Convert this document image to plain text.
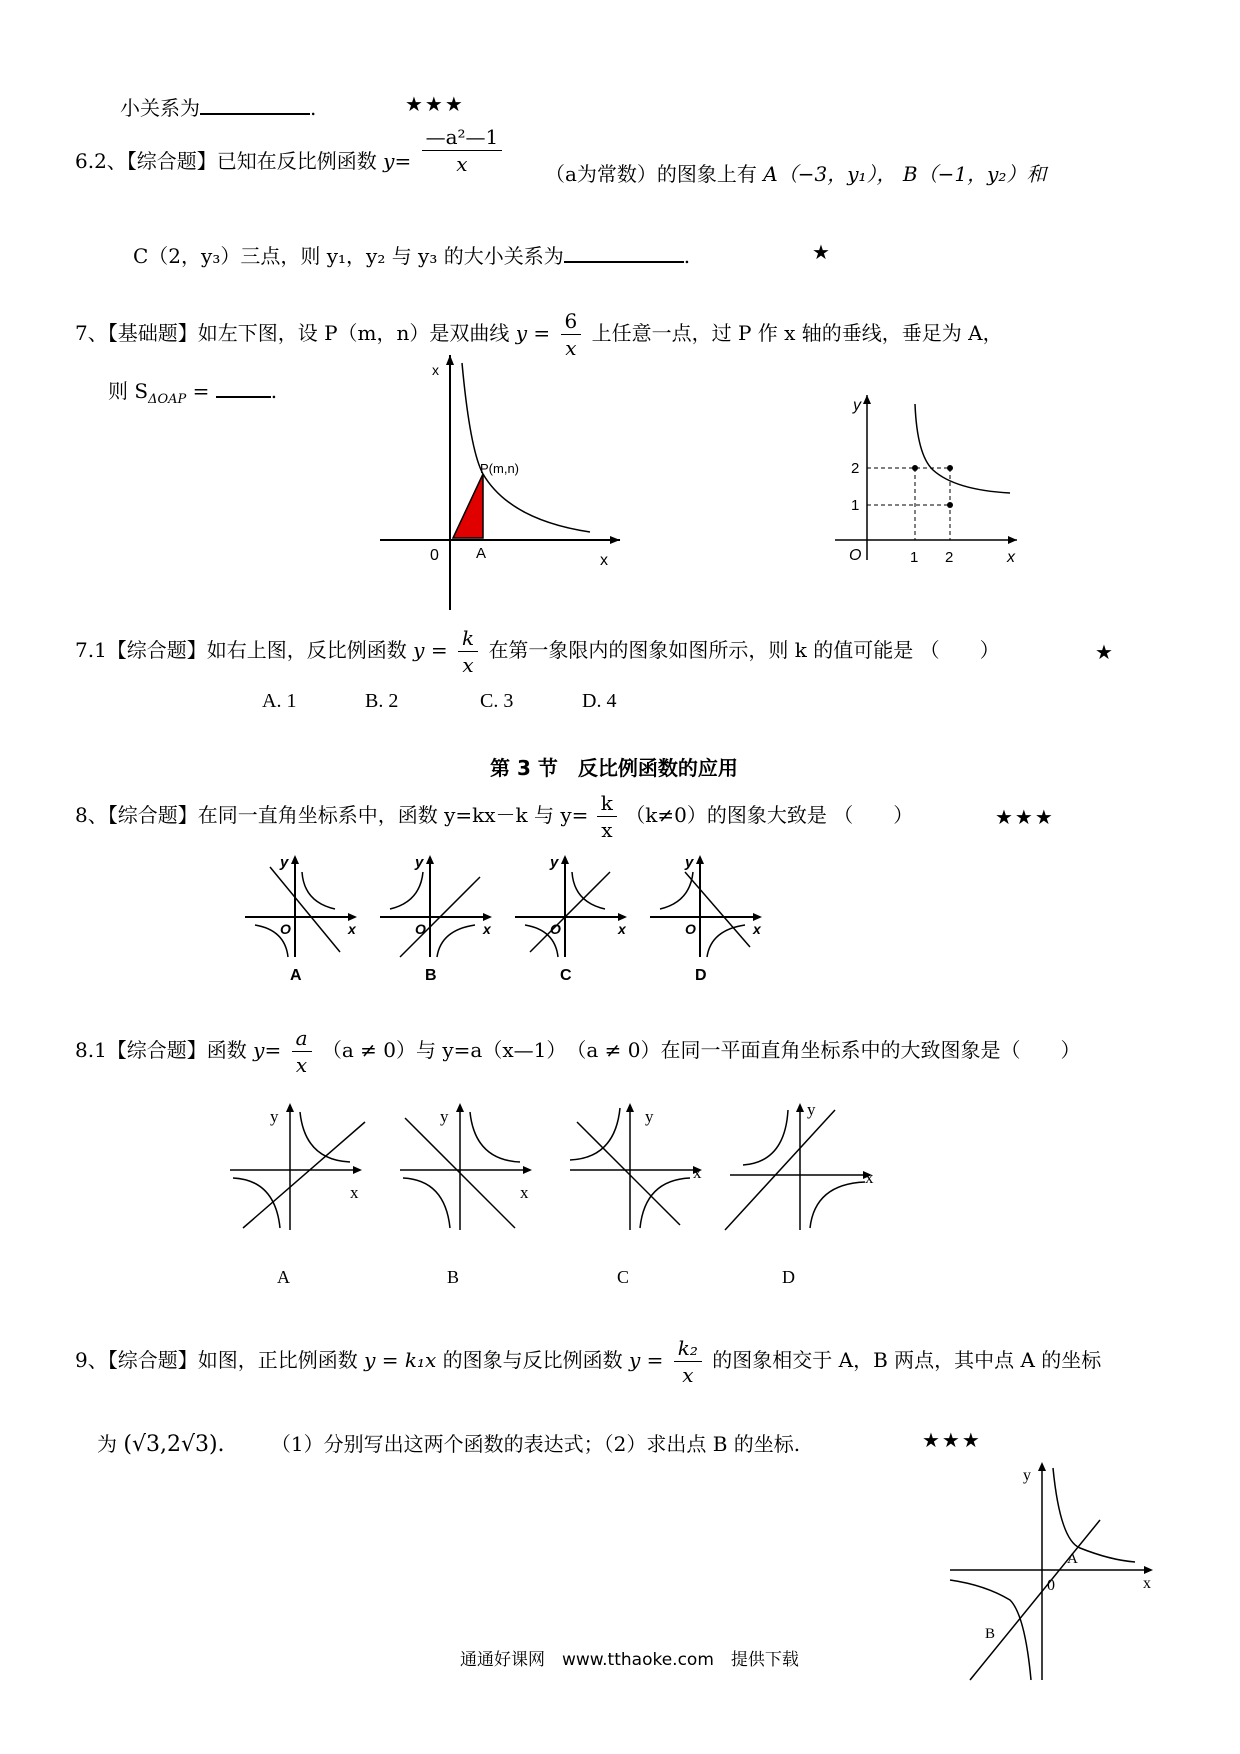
小关系为	.	★★★
6.2、【综合题】已知在反比例函数 $y= \frac{\text{—a²—1}}{x} (a$为常数）的图象上有 A（−3，y₁）， B（−1，y₂）和
C（2，y₃）三点，则 y₁，y₂ 与 y₃ 的大小关系为	.	★
7、【基础题】如左下图，设 P（m，n）是双曲线 $y = \frac{6}{x}$ 上任意一点，过 P 作 x 轴的垂线，垂足为 A，
则 $S_{\Delta OAP}$ =	.
x
x
0
P(m,n)
A
y
x
O	1 2
1
2
7.1【综合题】如右上图，反比例函数 $y = \frac{k}{x}$ 在第一象限内的图象如图所示，则 k 的值可能是 （　　）	★
A. 1	B. 2	C. 3	D. 4
第 3 节　反比例函数的应用
8、【综合题】在同一直角坐标系中，函数 y=kx－k 与 $y= \frac{k}{x} (k\ne 0)$的图象大致是 （　　）	★★★
y
x
O
A
y
x
O
B
y
x
O
C
y
x
O
D
8.1【综合题】函数 $y= \frac{a}{x} (a \ne 0)$与 y=a（x—1）　（a ≠ 0）在同一平面直角坐标系中的大致图象是（　　）
y
x
A
y
x
B
y
x
C
y
x
D
9、【综合题】如图，正比例函数 y = k₁x 的图象与反比例函数 $y = \frac{\text{k₂}}{x}$ 的图象相交于 A，B 两点，其中点 A 的坐标
为 (√3,2√3). （1）分别写出这两个函数的表达式；（2）求出点 B 的坐标.	★★★
y
x
0
A
B
通通好课网　www.tthaoke.com　提供下载
